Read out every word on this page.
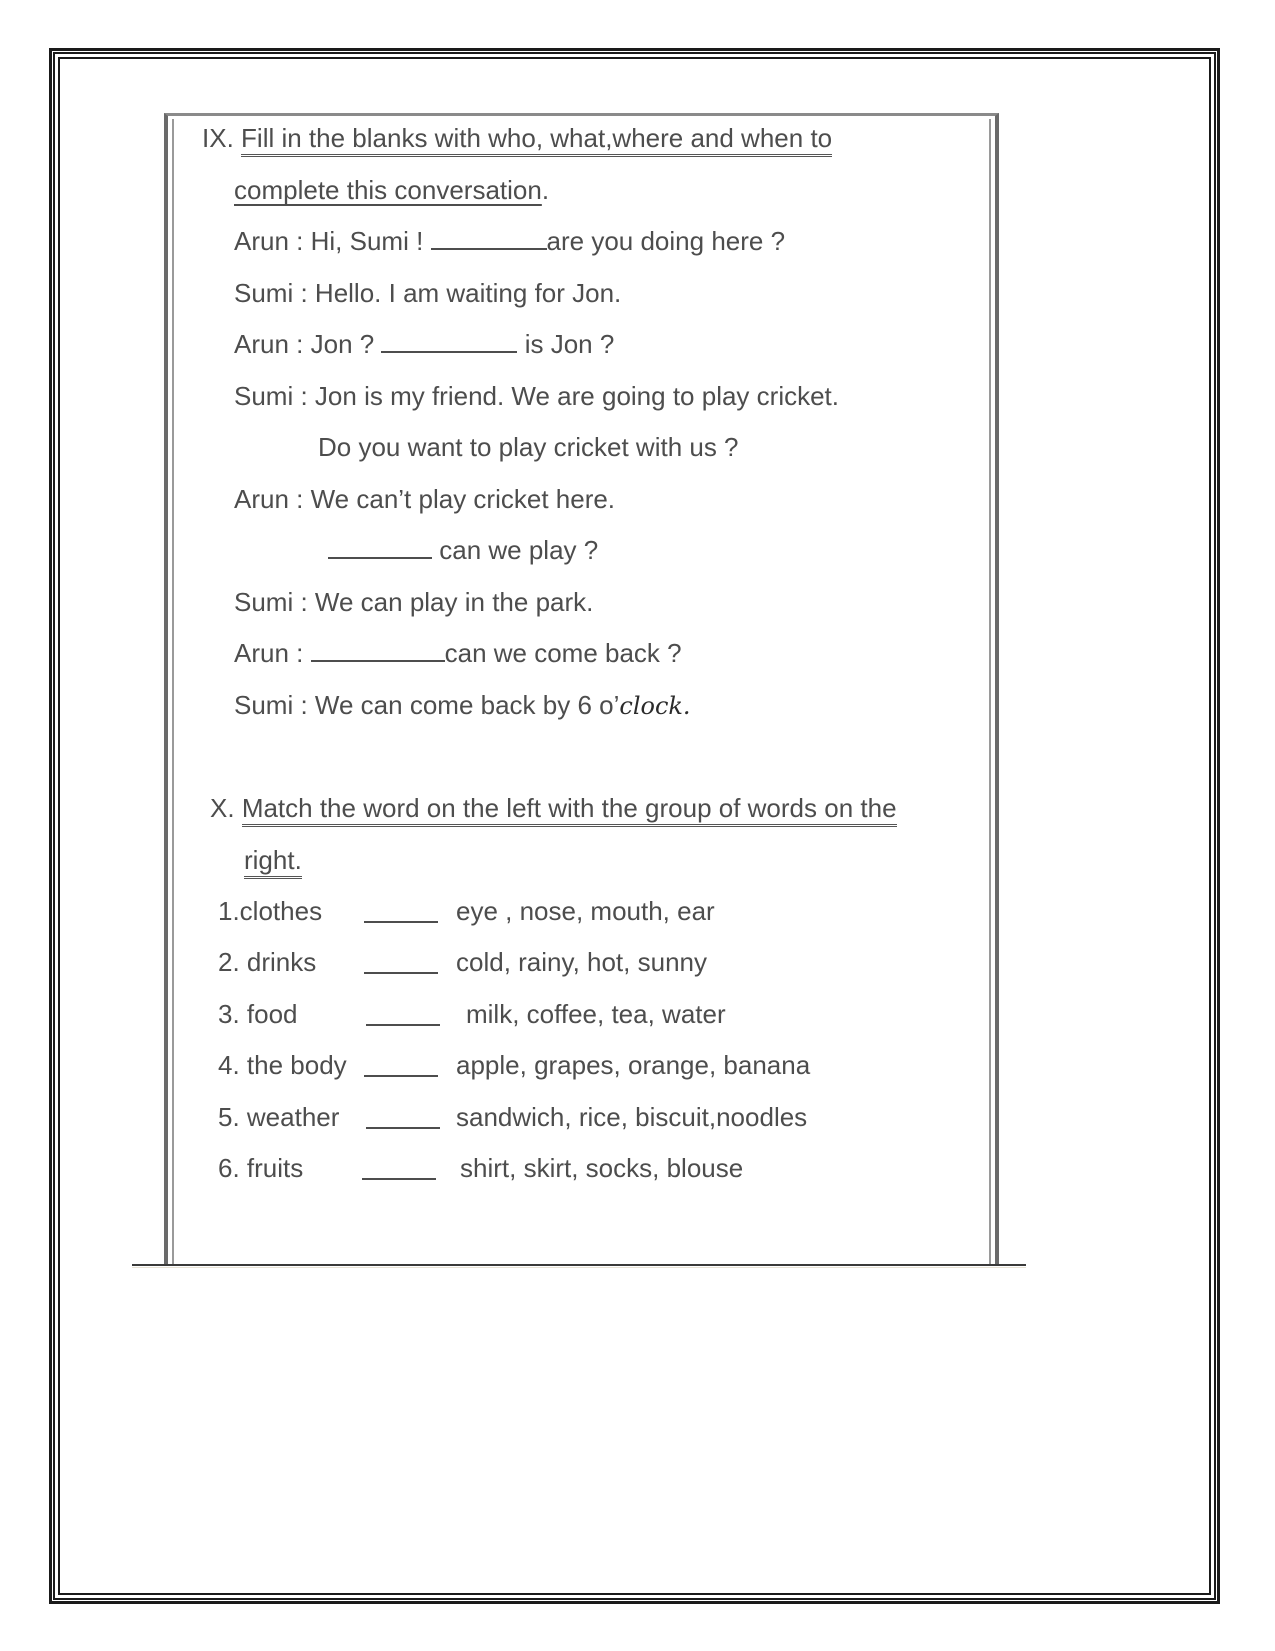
IX. Fill in the blanks with who, what,where and when to
complete this conversation.
Arun : Hi, Sumi !	are you doing here ?
Sumi : Hello. I am waiting for Jon.
Arun : Jon ?	is Jon ?
Sumi : Jon is my friend. We are going to play cricket.
Do you want to play cricket with us ?
Arun : We can’t play cricket here.
can we play ?
Sumi : We can play in the park.
Arun :	can we come back ?
Sumi : We can come back by 6 o’clock.
X. Match the word on the left with the group of words on the
right.
1.clothes	eye , nose, mouth, ear
2. drinks	cold, rainy, hot, sunny
3. food	milk, coffee, tea, water
4. the body	apple, grapes, orange, banana
5. weather	sandwich, rice, biscuit,noodles
6. fruits	shirt, skirt, socks, blouse
